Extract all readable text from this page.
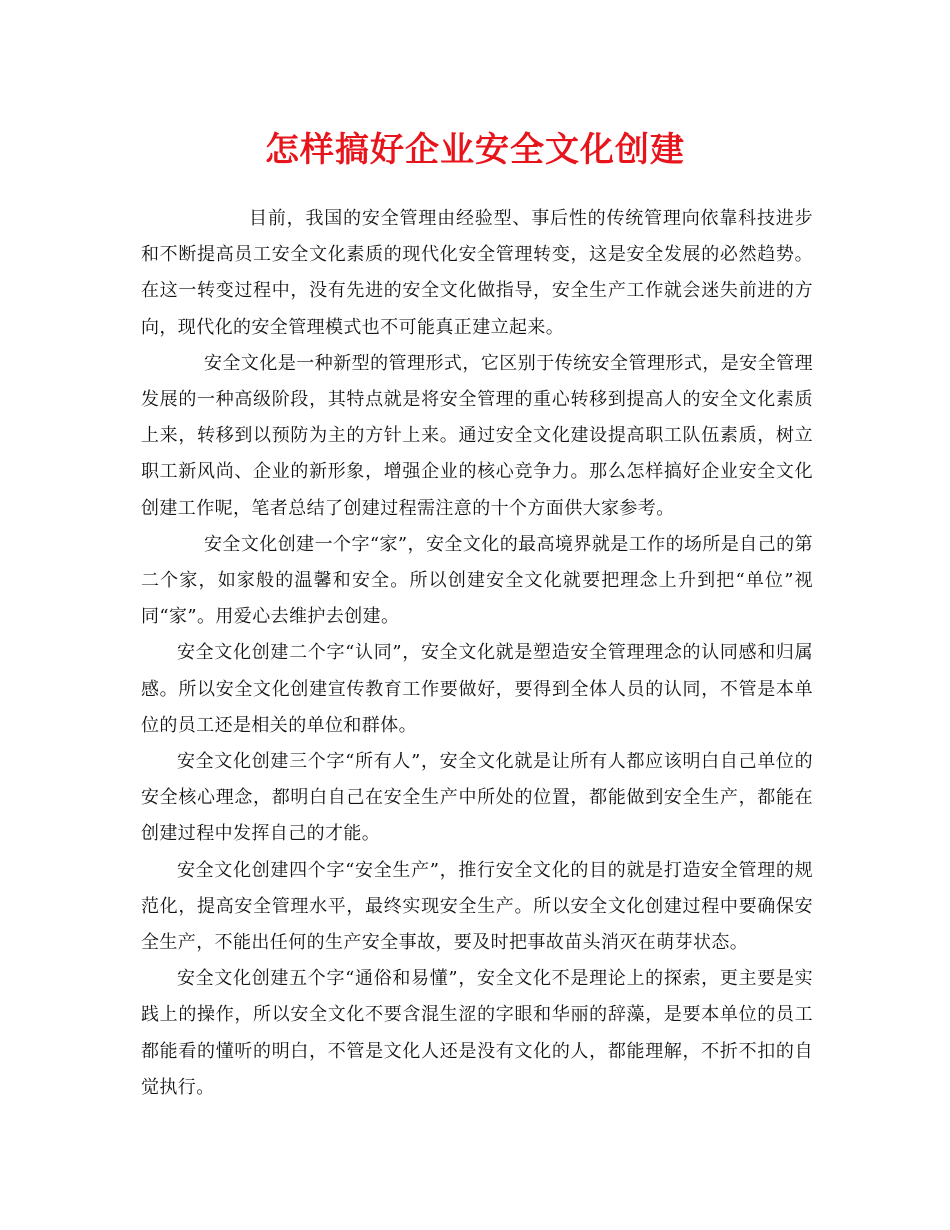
怎样搞好企业安全文化创建

目前，我国的安全管理由经验型、事后性的传统管理向依靠科技进步和不断提高员工安全文化素质的现代化安全管理转变，这是安全发展的必然趋势。在这一转变过程中，没有先进的安全文化做指导，安全生产工作就会迷失前进的方向，现代化的安全管理模式也不可能真正建立起来。

安全文化是一种新型的管理形式，它区别于传统安全管理形式，是安全管理发展的一种高级阶段，其特点就是将安全管理的重心转移到提高人的安全文化素质上来，转移到以预防为主的方针上来。通过安全文化建设提高职工队伍素质，树立职工新风尚、企业的新形象，增强企业的核心竞争力。那么怎样搞好企业安全文化创建工作呢，笔者总结了创建过程需注意的十个方面供大家参考。

安全文化创建一个字“家”，安全文化的最高境界就是工作的场所是自己的第二个家，如家般的温馨和安全。所以创建安全文化就要把理念上升到把“单位”视同“家”。用爱心去维护去创建。

安全文化创建二个字“认同”，安全文化就是塑造安全管理理念的认同感和归属感。所以安全文化创建宣传教育工作要做好，要得到全体人员的认同，不管是本单位的员工还是相关的单位和群体。

安全文化创建三个字“所有人”，安全文化就是让所有人都应该明白自己单位的安全核心理念，都明白自己在安全生产中所处的位置，都能做到安全生产，都能在创建过程中发挥自己的才能。

安全文化创建四个字“安全生产”，推行安全文化的目的就是打造安全管理的规范化，提高安全管理水平，最终实现安全生产。所以安全文化创建过程中要确保安全生产，不能出任何的生产安全事故，要及时把事故苗头消灭在萌芽状态。

安全文化创建五个字“通俗和易懂”，安全文化不是理论上的探索，更主要是实践上的操作，所以安全文化不要含混生涩的字眼和华丽的辞藻，是要本单位的员工都能看的懂听的明白，不管是文化人还是没有文化的人，都能理解，不折不扣的自觉执行。
